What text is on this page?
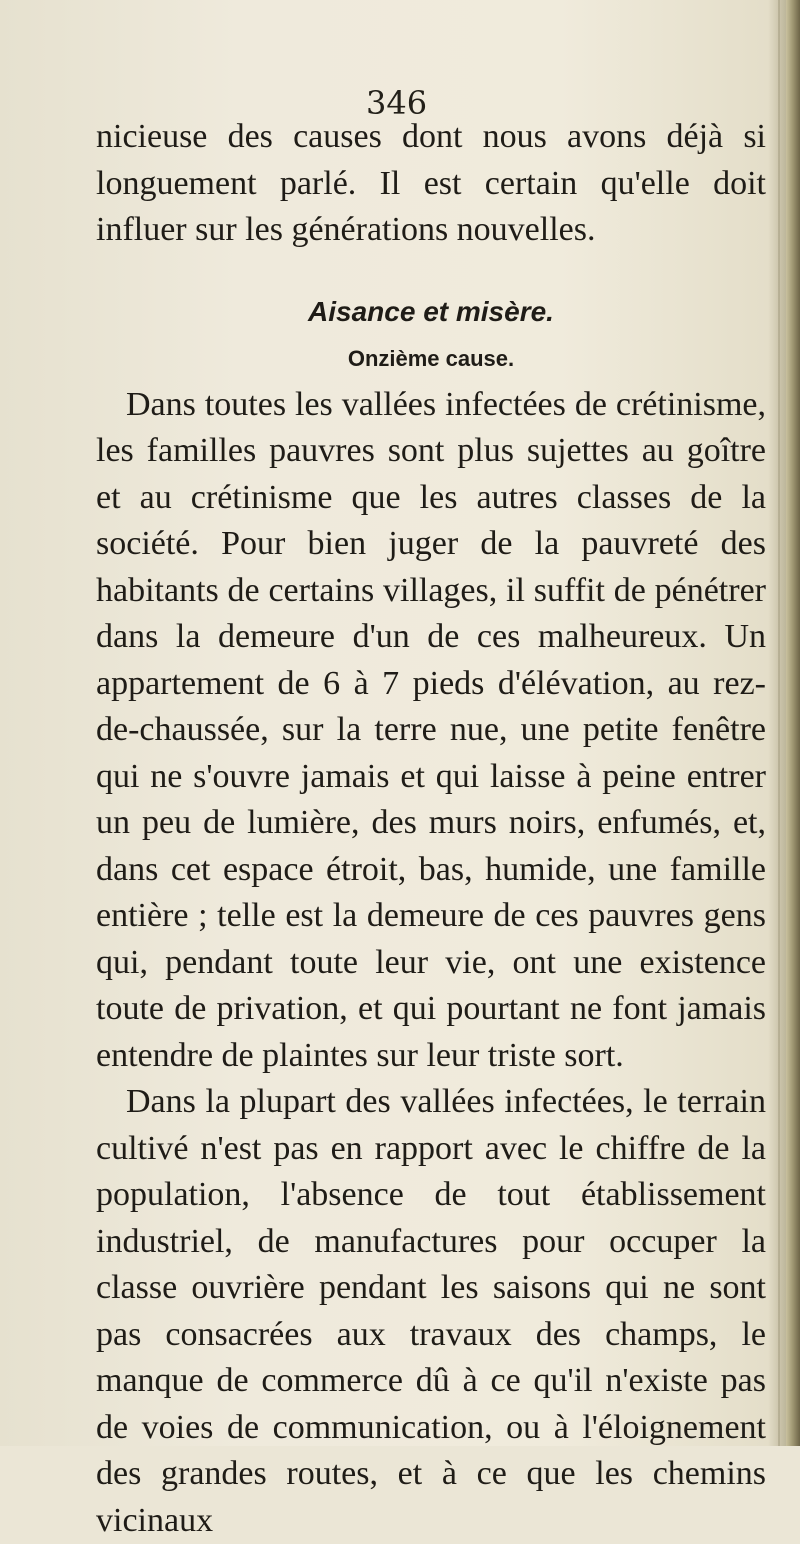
346

nicieuse des causes dont nous avons déjà si longuement parlé. Il est certain qu'elle doit influer sur les générations nouvelles.

Aisance et misère.
Onzième cause.

Dans toutes les vallées infectées de crétinisme, les familles pauvres sont plus sujettes au goître et au crétinisme que les autres classes de la société. Pour bien juger de la pauvreté des habitants de certains villages, il suffit de pénétrer dans la demeure d'un de ces malheureux. Un appartement de 6 à 7 pieds d'élévation, au rez-de-chaussée, sur la terre nue, une petite fenêtre qui ne s'ouvre jamais et qui laisse à peine entrer un peu de lumière, des murs noirs, enfumés, et, dans cet espace étroit, bas, humide, une famille entière ; telle est la demeure de ces pauvres gens qui, pendant toute leur vie, ont une existence toute de privation, et qui pourtant ne font jamais entendre de plaintes sur leur triste sort.

Dans la plupart des vallées infectées, le terrain cultivé n'est pas en rapport avec le chiffre de la population, l'absence de tout établissement industriel, de manufactures pour occuper la classe ouvrière pendant les saisons qui ne sont pas consacrées aux travaux des champs, le manque de commerce dû à ce qu'il n'existe pas de voies de communication, ou à l'éloignement des grandes routes, et à ce que les chemins vicinaux
